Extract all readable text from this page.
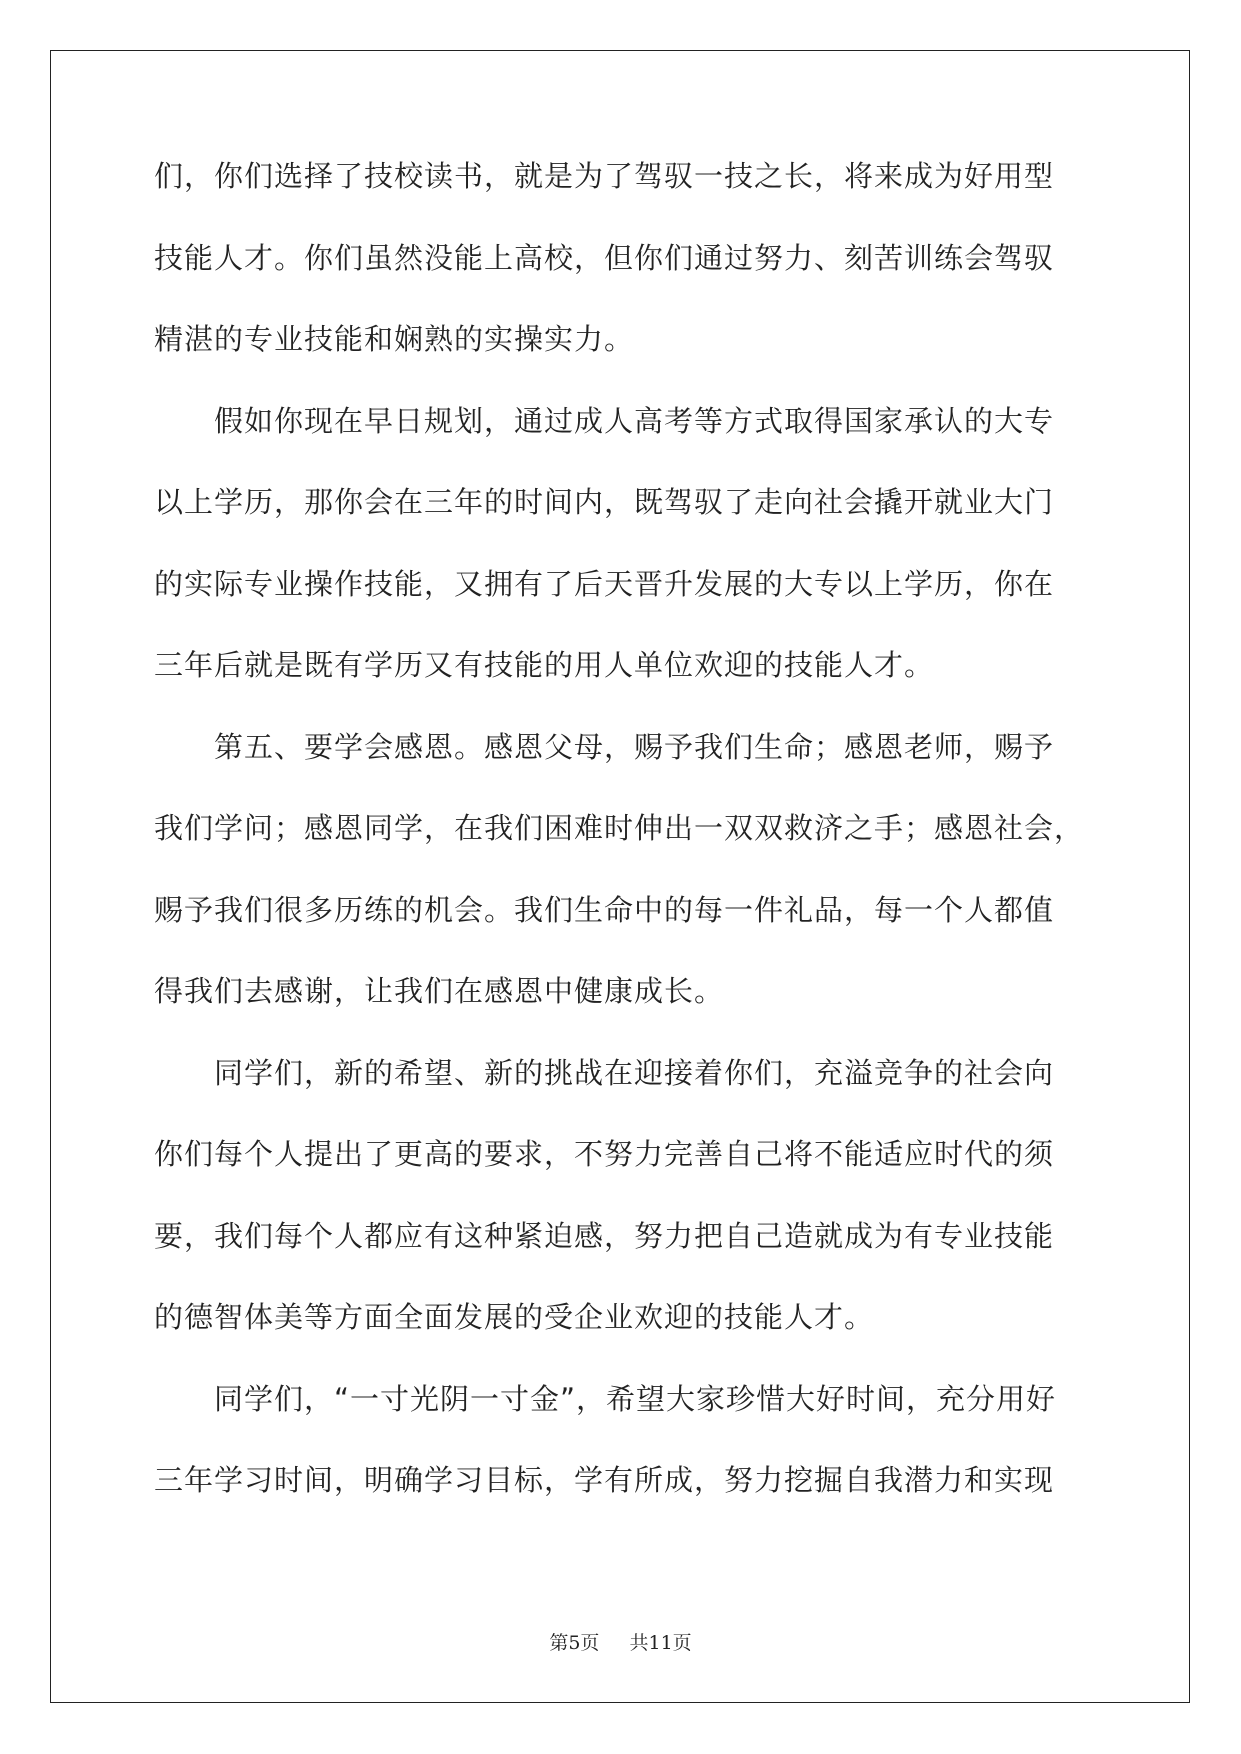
们，你们选择了技校读书，就是为了驾驭一技之长，将来成为好用型
技能人才。你们虽然没能上高校，但你们通过努力、刻苦训练会驾驭
精湛的专业技能和娴熟的实操实力。
　　假如你现在早日规划，通过成人高考等方式取得国家承认的大专
以上学历，那你会在三年的时间内，既驾驭了走向社会撬开就业大门
的实际专业操作技能，又拥有了后天晋升发展的大专以上学历，你在
三年后就是既有学历又有技能的用人单位欢迎的技能人才。
　　第五、要学会感恩。感恩父母，赐予我们生命；感恩老师，赐予
我们学问；感恩同学，在我们困难时伸出一双双救济之手；感恩社会，
赐予我们很多历练的机会。我们生命中的每一件礼品，每一个人都值
得我们去感谢，让我们在感恩中健康成长。
　　同学们，新的希望、新的挑战在迎接着你们，充溢竞争的社会向
你们每个人提出了更高的要求，不努力完善自己将不能适应时代的须
要，我们每个人都应有这种紧迫感，努力把自己造就成为有专业技能
的德智体美等方面全面发展的受企业欢迎的技能人才。
　　同学们，“一寸光阴一寸金”，希望大家珍惜大好时间，充分用好
三年学习时间，明确学习目标，学有所成，努力挖掘自我潜力和实现
第5页 共11页
